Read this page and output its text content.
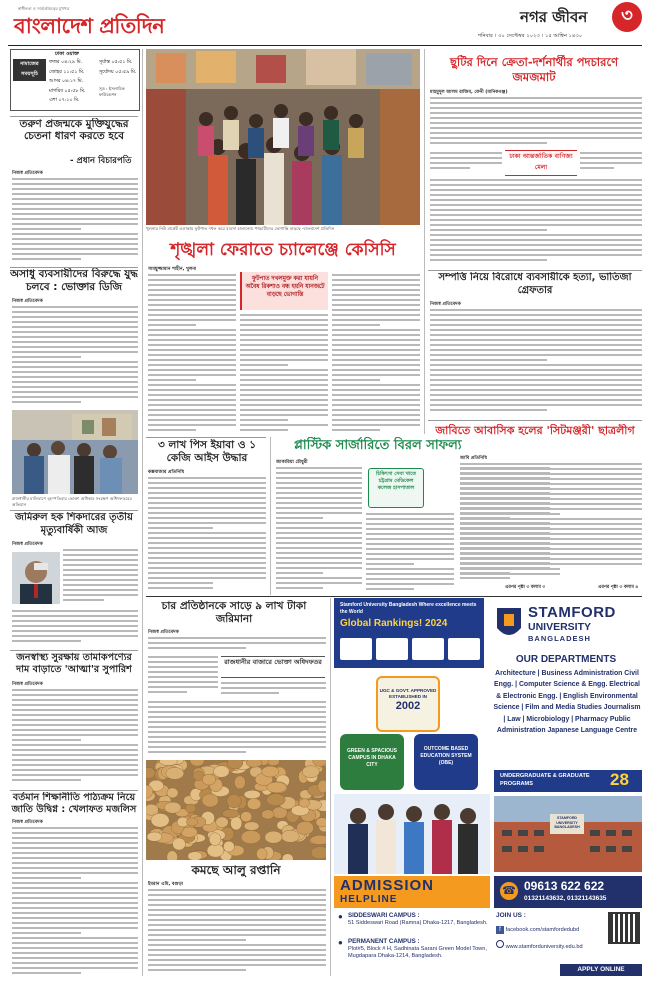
স্বাধীনতা ও সার্বভৌমত্বের মুখপত্র
বাংলাদেশ প্রতিদিন	নগর জীবন	৩
শনিবার । ৩০ সেপ্টেম্বর ২০২৩ । ১৫ আশ্বিন ১৪৩০
ঢাকা ওয়াক্ত
নামাজের
সময়সূচি
ফজর ০৪:২৯ মি.
জোহর ১১:৫১ মি.
আসর ০৪:১৭ মি.
মাগরিব ০৫:৫৮ মি.
এশা ০৭:১০ মি.
সূর্যাস্ত ০৫:৫১ মি.
সূর্যোদয় ০৫:৫৯ মি.
সূত্র : ইসলামিক ফাউন্ডেশন
তরুণ প্রজন্মকে মুক্তিযুদ্ধের চেতনা ধারণ করতে হবে
- প্রধান বিচারপতি
নিজস্ব প্রতিবেদক
অসাধু ব্যবসায়ীদের বিরুদ্ধে যুদ্ধ চলবে : ভোক্তার ডিজি
নিজস্ব প্রতিবেদক
রাজধানীর মালিবাগে বৃহস্পতিবার ভোক্তা অধিকার সংরক্ষণ অধিদফতরের অভিযান
জমিরুল হক শিকদারের তৃতীয় মৃত্যুবার্ষিকী আজ
নিজস্ব প্রতিবেদক
জনস্বাস্থ্য সুরক্ষায় তামাকপণ্যের দাম বাড়াতে 'আত্মা'র সুপারিশ
নিজস্ব প্রতিবেদক
বর্তমান শিক্ষানীতি পাঠ্যক্রম নিয়ে জাতি উদ্বিগ্ন : খেলাফত মজলিস
নিজস্ব প্রতিবেদক
খুলনার নিউ মার্কেট এলাকায় ফুটপাত দখল করে ব্যবসা চালানোয় পথচারীদের ভোগান্তি বাড়ছে -বাংলাদেশ প্রতিদিন
শৃঙ্খলা ফেরাতে চ্যালেঞ্জে কেসিসি
সামছুজ্জামান শাহীন, খুলনা
ফুটপাত দখলমুক্ত করা যায়নি অবৈধ রিকশাও বন্ধ হয়নি যানজটে বাড়ছে ভোগান্তি
৩ লাখ পিস ইয়াবা ও ১ কেজি আইস উদ্ধার
কক্সবাজার প্রতিনিধি
প্লাস্টিক সার্জারিতে বিরল সাফল্য
জাকারিয়া চৌধুরী
চিকিৎসা সেবা খাতে চট্টগ্রাম মেডিকেল কলেজ হাসপাতাল
এরপর পৃষ্ঠা ৩ কলাম ৩
ছুটির দিনে ক্রেতা-দর্শনার্থীর পদচারণে জমজমাট
মাহমুদুল আলম রাজিব, ফেনী (মানিকগঞ্জ)
ঢাকা আন্তর্জাতিক বাণিজ্য মেলা
সম্পত্তি নিয়ে বিরোধে ব্যবসায়ীকে হত্যা, ভাতিজা গ্রেফতার
নিজস্ব প্রতিবেদক
জাবিতে আবাসিক হলের 'সিটমঞ্জরী' ছাত্রলীগ
জাবি প্রতিনিধি
এরপর পৃষ্ঠা ৩ কলাম ৪
চার প্রতিষ্ঠানকে সাড়ে ৯ লাখ টাকা জরিমানা
নিজস্ব প্রতিবেদক
রাজধানীর বাজারে ভোক্তা অধিদফতর
কমছে আলু রপ্তানি
ইমরান এমি, বগুড়া
Stamford University Bangladesh Where excellence meets the World
Global Rankings! 2024
STAMFORD
UNIVERSITY
BANGLADESH
OUR DEPARTMENTS
Architecture | Business Administration Civil Engg. | Computer Science & Engg. Electrical & Electronic Engg. | English Environmental Science | Film and Media Studies Journalism | Law | Microbiology | Pharmacy Public Administration Japanese Language Centre
UGC & GOVT. APPROVED ESTABLISHED IN
2002
GREEN & SPACIOUS CAMPUS IN DHAKA CITY
OUTCOME BASED EDUCATION SYSTEM (OBE)
UNDERGRADUATE & GRADUATE PROGRAMS	28
STAMFORD UNIVERSITY BANGLADESH
ADMISSION
HELPLINE
☎ 09613 622 622
01321143632, 01321143635
● SIDDESWARI CAMPUS :
51 Siddeswari Road (Ramna) Dhaka-1217, Bangladesh.
● PERMANENT CAMPUS :
Plot#5, Block # H, Sadhinata Sarani Green Model Town, Mugdapara Dhaka-1214, Bangladesh.
JOIN US :
f facebook.com/stamfordedubd
www.stamforduniversity.edu.bd
APPLY ONLINE
